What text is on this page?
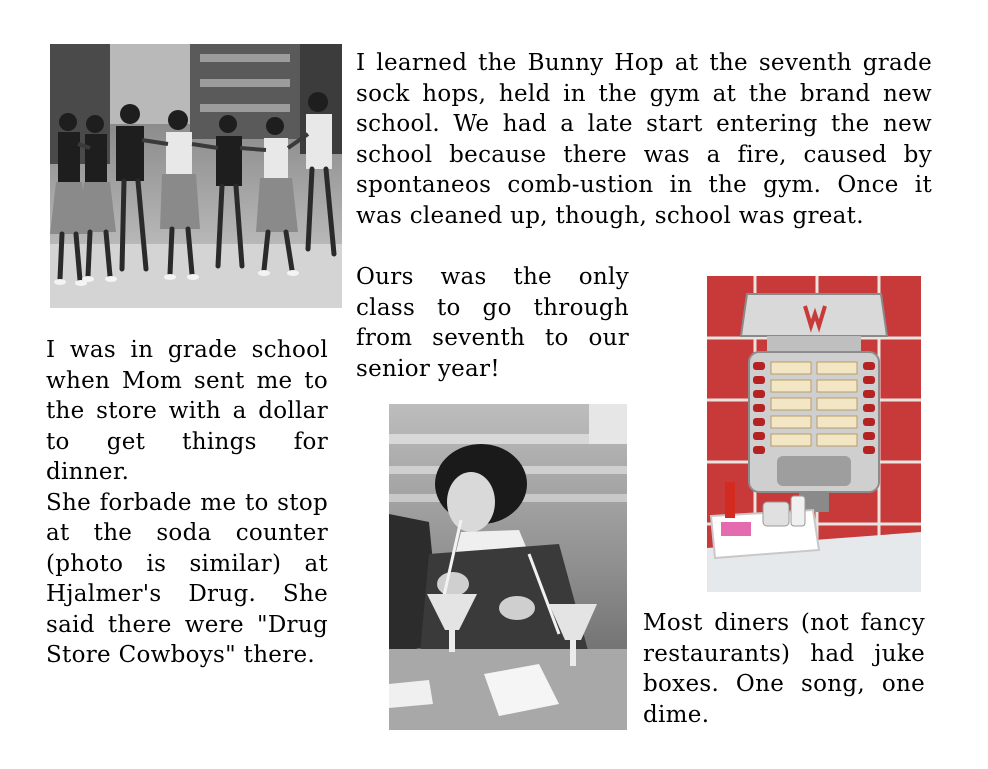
I learned the Bunny Hop at the seventh grade sock hops, held in the gym at the brand new school. We had a late start entering the new school because there was a fire, caused by spontaneos comb-ustion in the gym. Once it was cleaned up, though, school was great.

Ours was the only class to go through from seventh to our senior year!

I was in grade school when Mom sent me to the store with a dollar to get things for dinner.

She forbade me to stop at the soda counter (photo is similar) at Hjalmer's Drug. She said there were "Drug Store Cowboys" there.

Most diners (not fancy restaurants) had juke boxes. One song, one dime.
